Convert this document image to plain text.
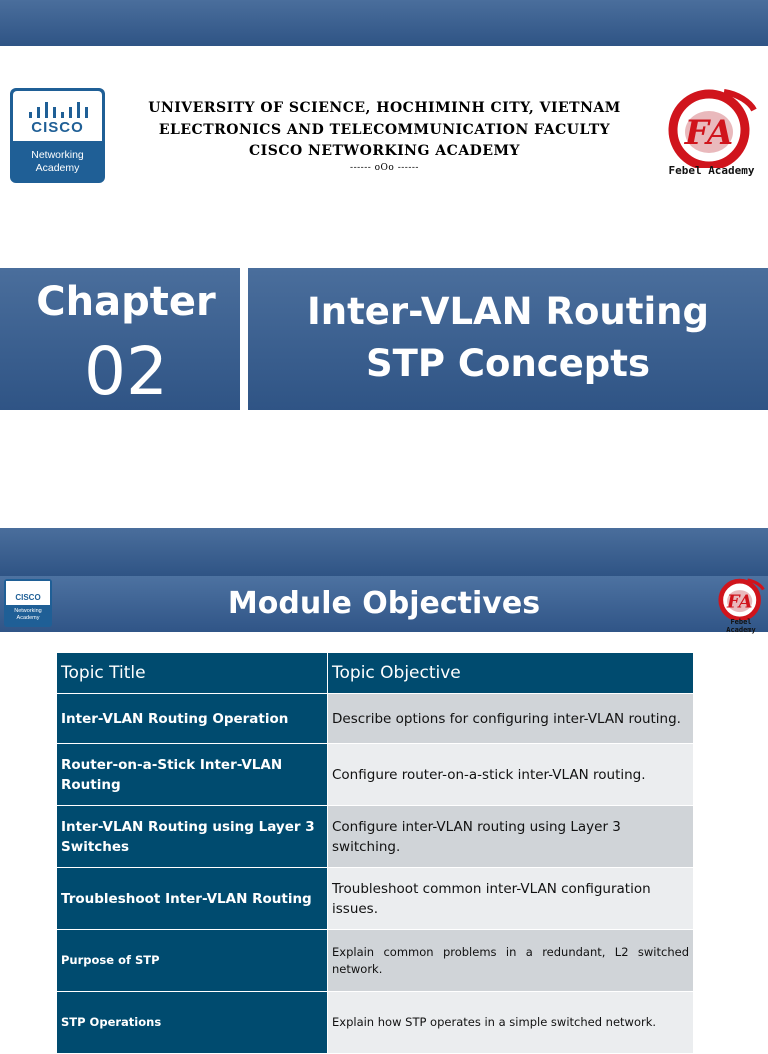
CISCO
Networking
Academy
UNIVERSITY OF SCIENCE, HOCHIMINH CITY, VIETNAM
ELECTRONICS AND TELECOMMUNICATION FACULTY
CISCO NETWORKING ACADEMY
------ oOo ------
FA
Febel Academy
Chapter
02
Inter-VLAN Routing
STP Concepts
Module Objectives
CISCO
Networking
Academy
FA
Febel Academy
Topic Title	Topic Objective
Inter-VLAN Routing Operation	Describe options for configuring inter-VLAN routing.
Router-on-a-Stick Inter-VLAN Routing	Configure router-on-a-stick inter-VLAN routing.
Inter-VLAN Routing using Layer 3 Switches	Configure inter-VLAN routing using Layer 3 switching.
Troubleshoot Inter-VLAN Routing	Troubleshoot common inter-VLAN configuration issues.
Purpose of STP	Explain common problems in a redundant, L2 switched network.
STP Operations	Explain how STP operates in a simple switched network.
